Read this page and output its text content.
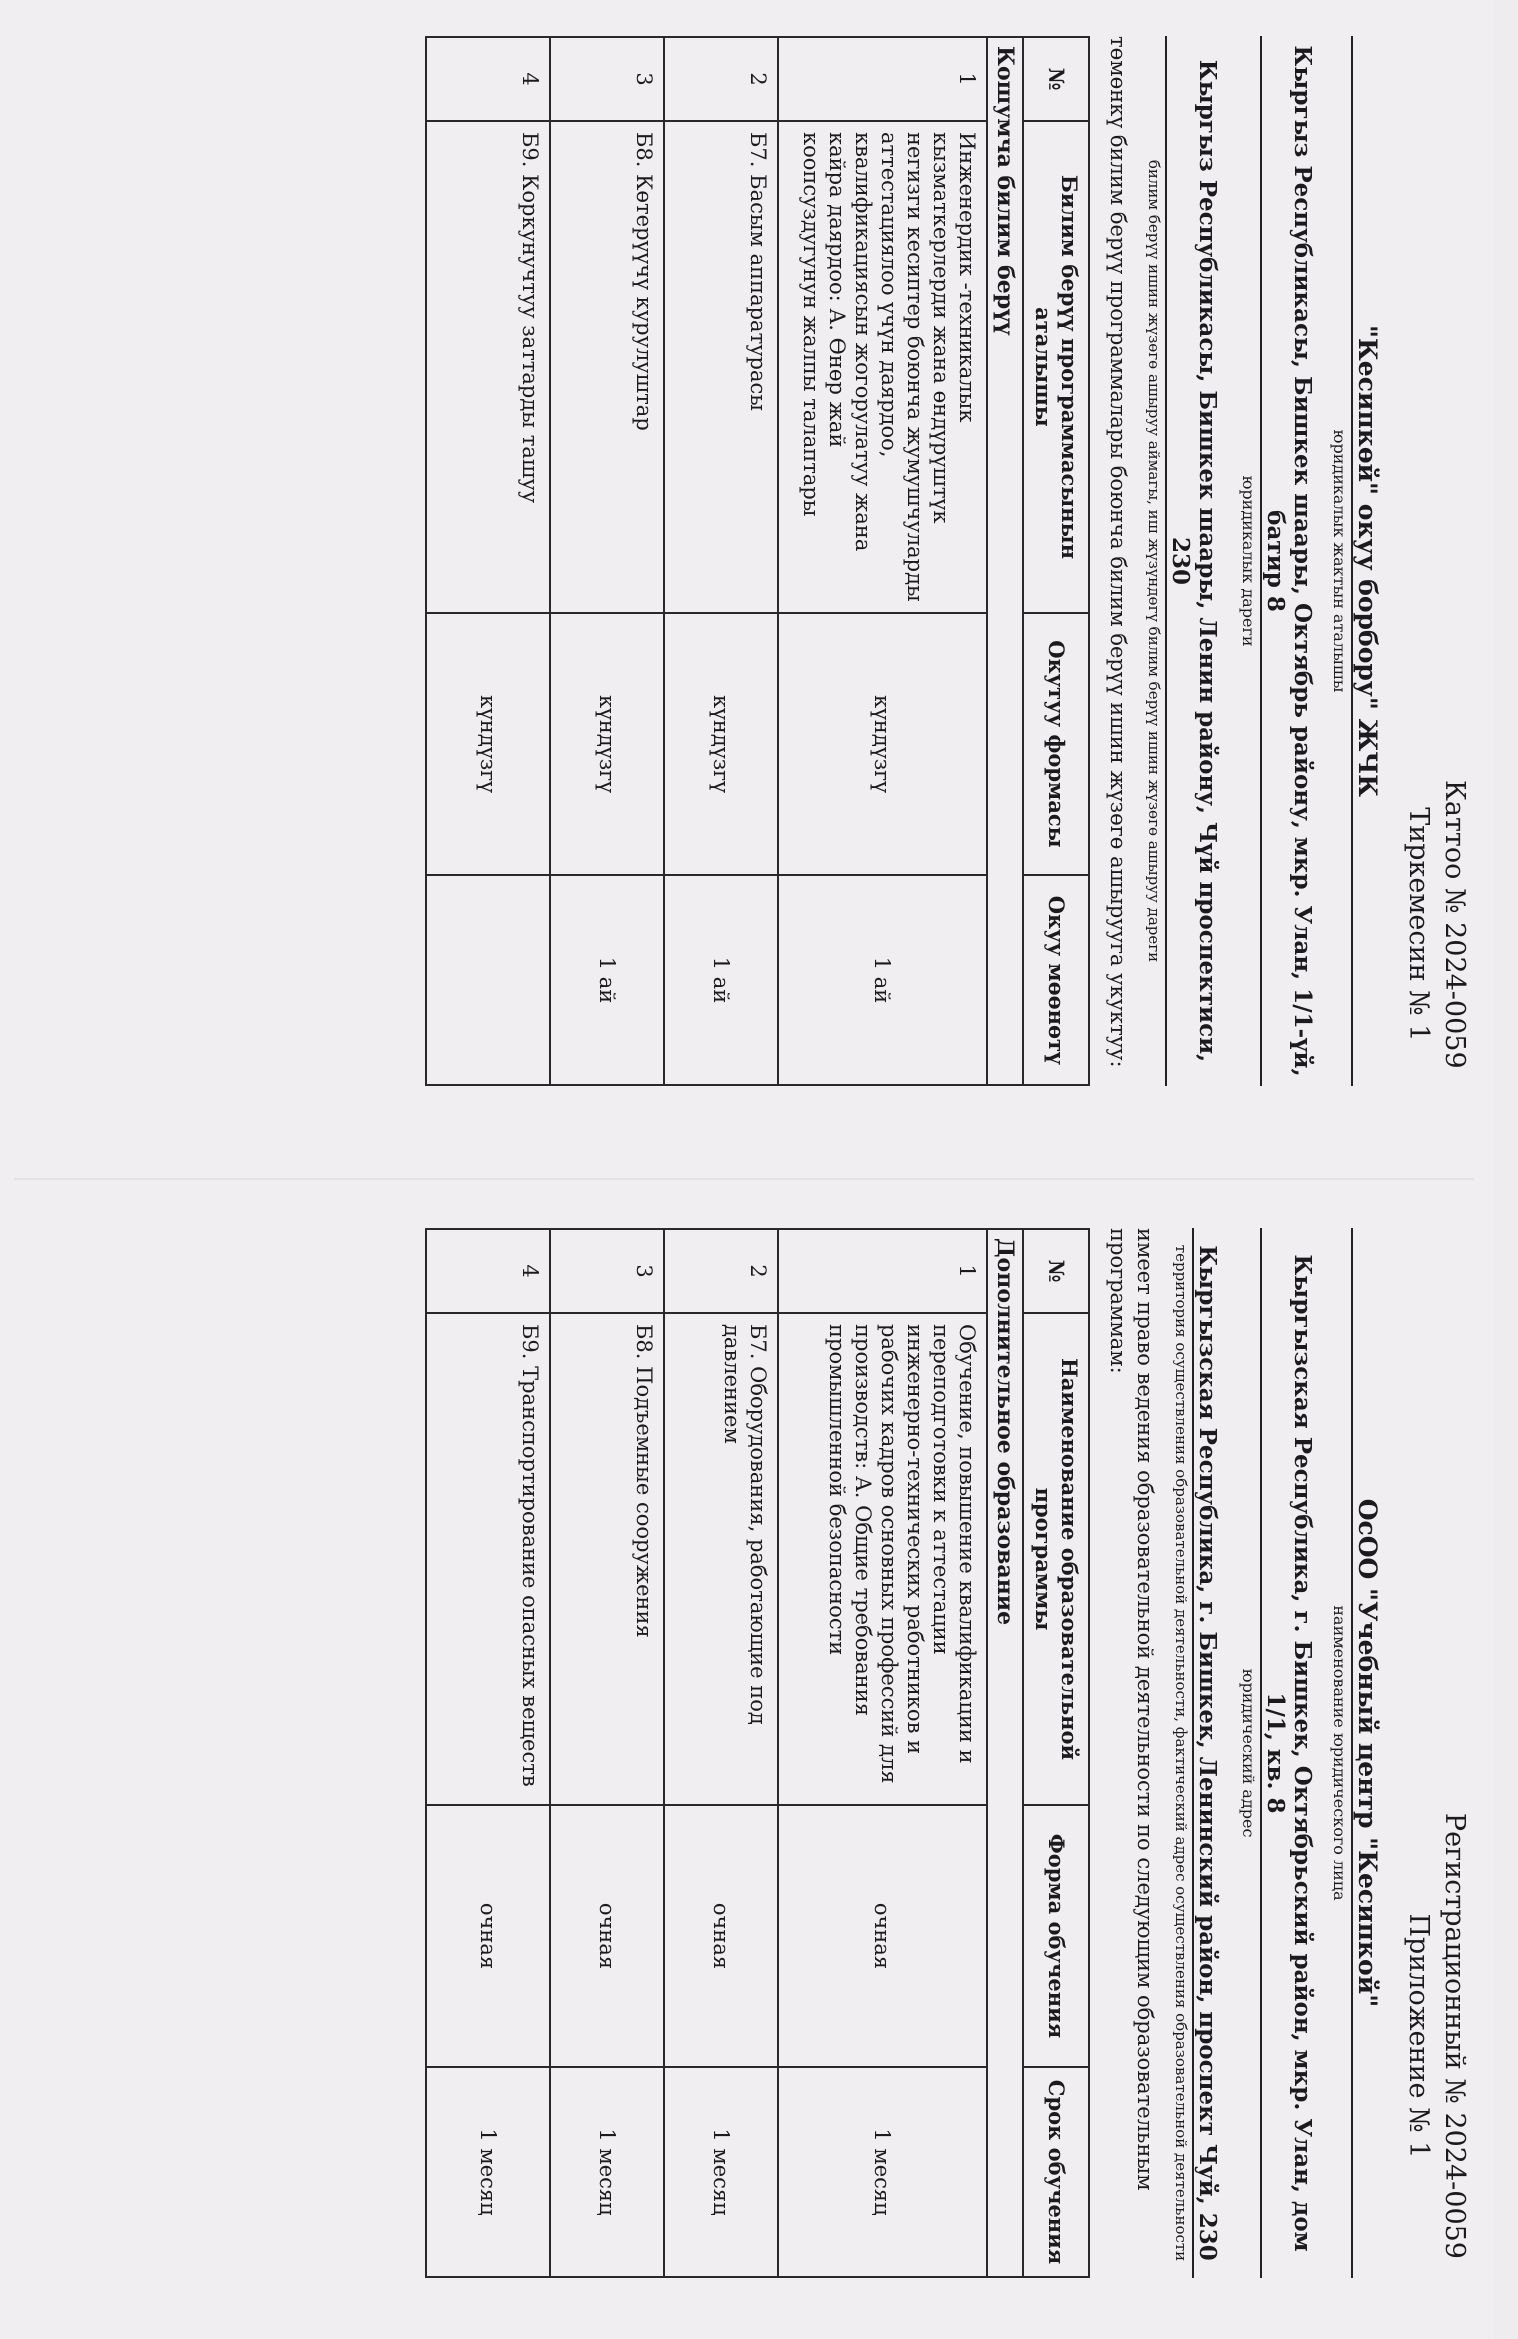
Каттоо № 2024-0059
Тиркемесин № 1
Регистрационный № 2024-0059
Приложение № 1

"Кесипкөй" окуу борбору" ЖЧК

юридикалык жактын аталышы

Кыргыз Республикасы, Бишкек шаары, Октябрь району, мкр. Улан, 1/1-үй, батир 8

юридикалык дареги

Кыргыз Республикасы, Бишкек шаары, Ленин району, Чүй проспектиси, 230

билим берүү ишин жүзөгө ашыруу аймагы, иш жүзүндөгү билим берүү ишин жүзөгө ашыруу дареги

төмөнкү билим берүү программалары боюнча билим берүү ишин жүзөгө ашырууга укуктуу:

№	Билим берүү программасынын аталышы	Окутуу формасы	Окуу мөөнөтү
Кошумча билим берүү			
1	Инженердик -техникалык кызматкерлерди жана өндүрүштүк негизги кесиптер боюнча жумушчуларды аттестациялоо үчүн даярдоо, квалификациясын жогорулатуу жана кайра даярдоо: А. Өнөр жай коопсуздугунун жалпы талаптары	күндүзгү	1 ай
2	Б7. Басым аппаратурасы	күндүзгү	1 ай
3	Б8. Көтерүүчү курулуштар	күндүзгү	1 ай
4	Б9. Коркунучтуу заттарды ташуу	күндүзгү	

ОсОО "Учебный центр "Кесипкой"

наименование юридического лица

Кыргызская Республика, г. Бишкек, Октябрьский район, мкр. Улан, дом 1/1, кв. 8

юридический адрес

Кыргызская Республика, г. Бишкек, Ленинский район, проспект Чуй, 230

территория осуществления образовательной деятельности, фактический адрес осуществления образовательной деятельности

имеет право ведения образовательной деятельности по следующим образовательным программам:

№	Наименование образовательной программы	Форма обучения	Срок обучения
Дополнительное образование			
1	Обучение, повышение квалификации и переподготовки к аттестации инженерно-технических работников и рабочих кадров основных профессий для производств: А. Общие требования промышленной безопасности	очная	1 месяц
2	Б7. Оборудования, работающие под давлением	очная	1 месяц
3	Б8. Подъемные сооружения	очная	1 месяц
4	Б9. Транспортирование опасных веществ	очная	1 месяц
